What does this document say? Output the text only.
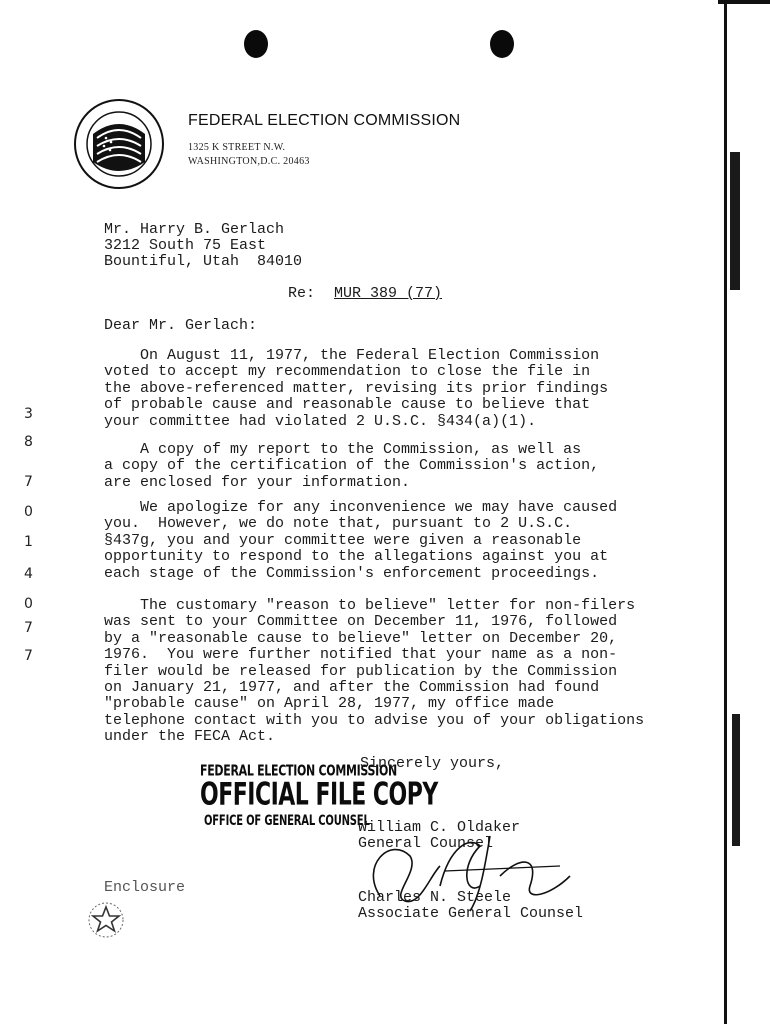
FEDERAL ELECTION COMMISSION
1325 K STREET N.W.
WASHINGTON,D.C. 20463
Mr. Harry B. Gerlach
3212 South 75 East
Bountiful, Utah  84010
Re: MUR 389 (77)
Dear Mr. Gerlach:
On August 11, 1977, the Federal Election Commission
voted to accept my recommendation to close the file in
the above-referenced matter, revising its prior findings
of probable cause and reasonable cause to believe that
your committee had violated 2 U.S.C. §434(a)(1).
A copy of my report to the Commission, as well as
a copy of the certification of the Commission's action,
are enclosed for your information.
We apologize for any inconvenience we may have caused
you.  However, we do note that, pursuant to 2 U.S.C.
§437g, you and your committee were given a reasonable
opportunity to respond to the allegations against you at
each stage of the Commission's enforcement proceedings.
The customary "reason to believe" letter for non-filers
was sent to your Committee on December 11, 1976, followed
by a "reasonable cause to believe" letter on December 20,
1976.  You were further notified that your name as a non-
filer would be released for publication by the Commission
on January 21, 1977, and after the Commission had found
"probable cause" on April 28, 1977, my office made
telephone contact with you to advise you of your obligations
under the FECA Act.
FEDERAL ELECTION COMMISSION
OFFICIAL FILE COPY
OFFICE OF GENERAL COUNSEL
Sincerely yours,
William C. Oldaker
General Counsel
Charles N. Steele
Associate General Counsel
Enclosure
7
7
0
4
1
0
7
8
3
